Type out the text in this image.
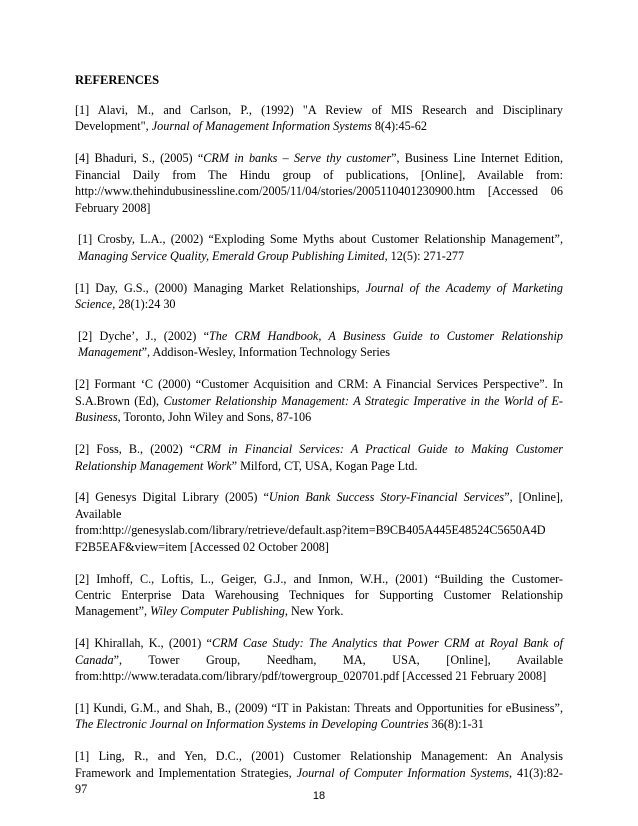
REFERENCES
[1] Alavi, M., and Carlson, P., (1992) "A Review of MIS Research and Disciplinary
Development", Journal of Management Information Systems 8(4):45-62
[4] Bhaduri, S., (2005) “CRM in banks – Serve thy customer”, Business Line Internet Edition,
Financial Daily from The Hindu group of publications, [Online], Available from:
http://www.thehindubusinessline.com/2005/11/04/stories/2005110401230900.htm [Accessed 06
February 2008]
[1] Crosby, L.A., (2002) “Exploding Some Myths about Customer Relationship Management”,
Managing Service Quality, Emerald Group Publishing Limited, 12(5): 271-277
[1] Day, G.S., (2000) Managing Market Relationships, Journal of the Academy of Marketing
Science, 28(1):24 30
[2] Dyche’, J., (2002) “The CRM Handbook, A Business Guide to Customer Relationship
Management”, Addison-Wesley, Information Technology Series
[2] Formant ‘C (2000) “Customer Acquisition and CRM: A Financial Services Perspective”. In
S.A.Brown (Ed), Customer Relationship Management: A Strategic Imperative in the World of E-
Business, Toronto, John Wiley and Sons, 87-106
[2] Foss, B., (2002) “CRM in Financial Services: A Practical Guide to Making Customer
Relationship Management Work” Milford, CT, USA, Kogan Page Ltd.
[4] Genesys Digital Library (2005) “Union Bank Success Story-Financial Services”, [Online],
Available
from:http://genesyslab.com/library/retrieve/default.asp?item=B9CB405A445E48524C5650A4D
F2B5EAF&view=item [Accessed 02 October 2008]
[2] Imhoff, C., Loftis, L., Geiger, G.J., and Inmon, W.H., (2001) “Building the Customer-
Centric Enterprise Data Warehousing Techniques for Supporting Customer Relationship
Management”, Wiley Computer Publishing, New York.
[4] Khirallah, K., (2001) “CRM Case Study: The Analytics that Power CRM at Royal Bank of
Canada”, Tower Group, Needham, MA, USA, [Online], Available
from:http://www.teradata.com/library/pdf/towergroup_020701.pdf [Accessed 21 February 2008]
[1] Kundi, G.M., and Shah, B., (2009) “IT in Pakistan: Threats and Opportunities for eBusiness”,
The Electronic Journal on Information Systems in Developing Countries 36(8):1-31
[1] Ling, R., and Yen, D.C., (2001) Customer Relationship Management: An Analysis
Framework and Implementation Strategies, Journal of Computer Information Systems, 41(3):82-
97	18
